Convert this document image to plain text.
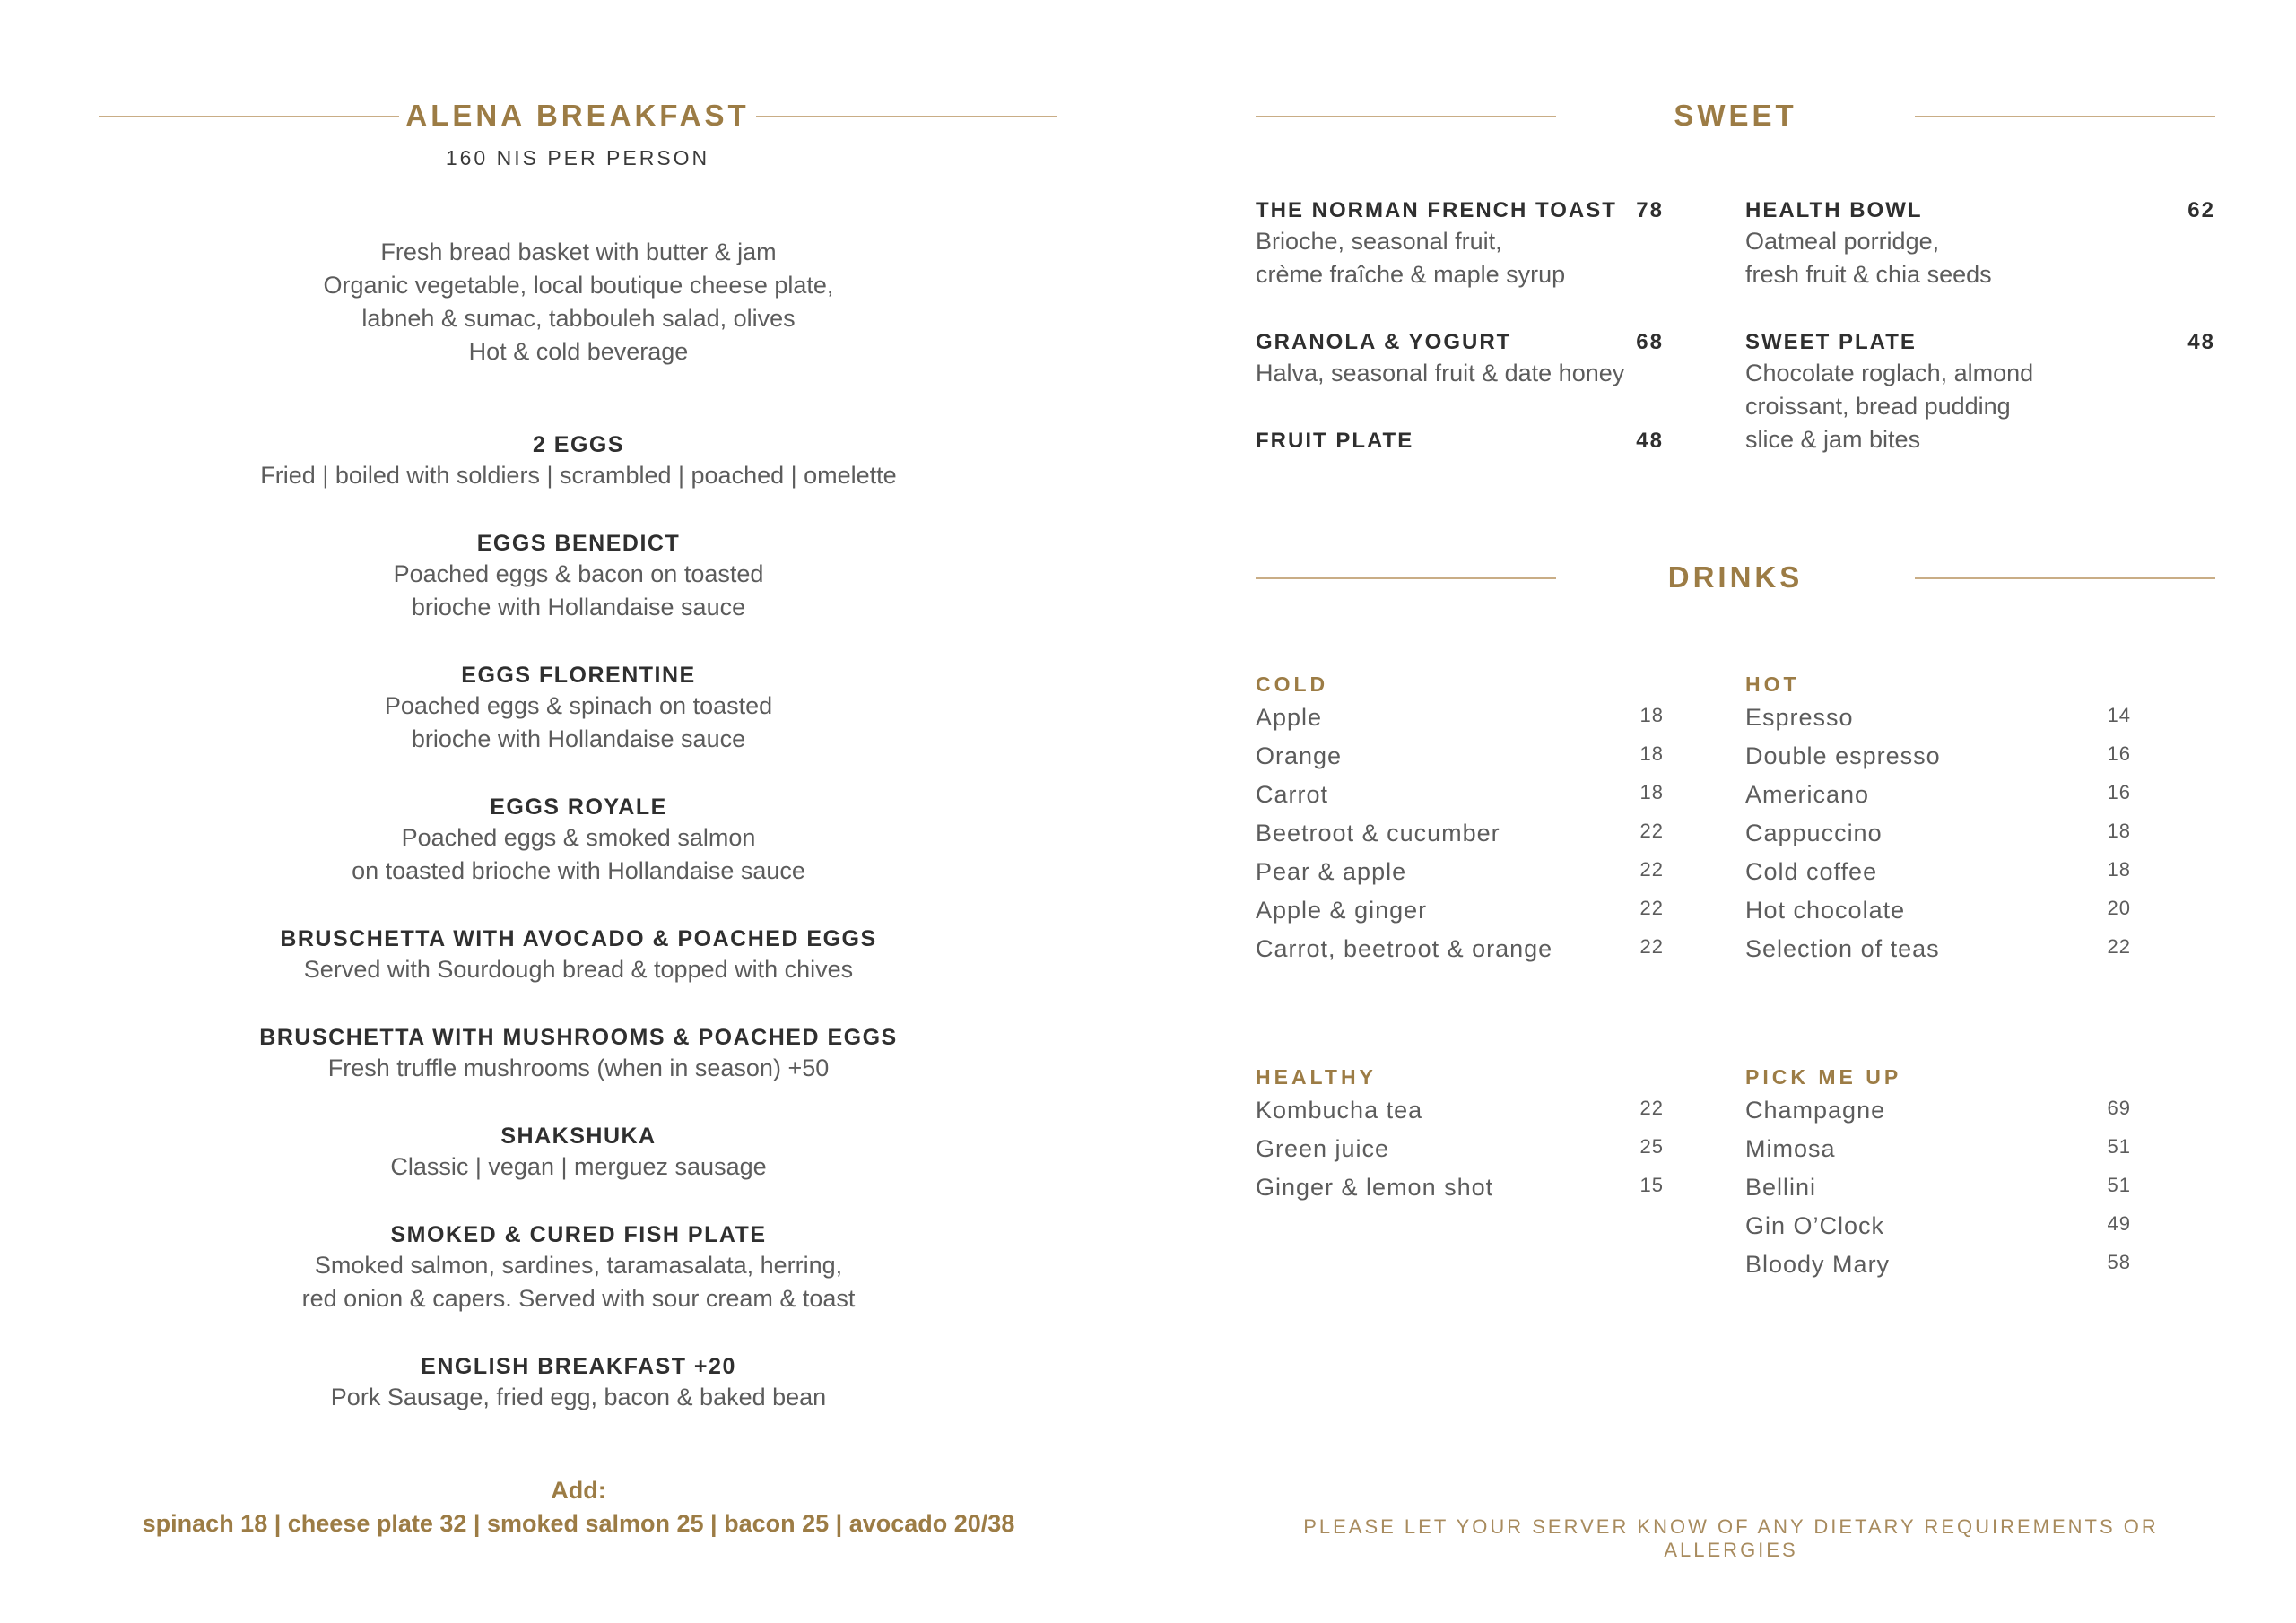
ALENA BREAKFAST
160 NIS PER PERSON
Fresh bread basket with butter & jam
Organic vegetable, local boutique cheese plate,
labneh & sumac, tabbouleh salad, olives
Hot & cold beverage
2 EGGS
Fried | boiled with soldiers | scrambled | poached | omelette
EGGS BENEDICT
Poached eggs & bacon on toasted
brioche with Hollandaise sauce
EGGS FLORENTINE
Poached eggs & spinach on toasted
brioche with Hollandaise sauce
EGGS ROYALE
Poached eggs & smoked salmon
on toasted brioche with Hollandaise sauce
BRUSCHETTA WITH AVOCADO & POACHED EGGS
Served with Sourdough bread & topped with chives
BRUSCHETTA WITH MUSHROOMS & POACHED EGGS
Fresh truffle mushrooms (when in season) +50
SHAKSHUKA
Classic | vegan | merguez sausage
SMOKED & CURED FISH PLATE
Smoked salmon, sardines, taramasalata, herring,
red onion & capers. Served with sour cream & toast
ENGLISH BREAKFAST +20
Pork Sausage, fried egg, bacon & baked bean
Add:
spinach 18 | cheese plate 32 | smoked salmon 25 | bacon 25 | avocado 20/38
SWEET
THE NORMAN FRENCH TOAST 78
Brioche, seasonal fruit,
crème fraîche & maple syrup
GRANOLA & YOGURT	68
Halva, seasonal fruit & date honey
FRUIT PLATE	48
HEALTH BOWL	62
Oatmeal porridge,
fresh fruit & chia seeds
SWEET PLATE	48
Chocolate roglach, almond
croissant, bread pudding
slice & jam bites
DRINKS
COLD
Apple	18
Orange	18
Carrot	18
Beetroot & cucumber	22
Pear & apple	22
Apple & ginger	22
Carrot, beetroot & orange	22
HOT
Espresso	14
Double espresso	16
Americano	16
Cappuccino	18
Cold coffee	18
Hot chocolate	20
Selection of teas	22
HEALTHY
Kombucha tea	22
Green juice	25
Ginger & lemon shot	15
PICK ME UP
Champagne	69
Mimosa	51
Bellini	51
Gin O’Clock	49
Bloody Mary	58
PLEASE LET YOUR SERVER KNOW OF ANY DIETARY REQUIREMENTS OR ALLERGIES
